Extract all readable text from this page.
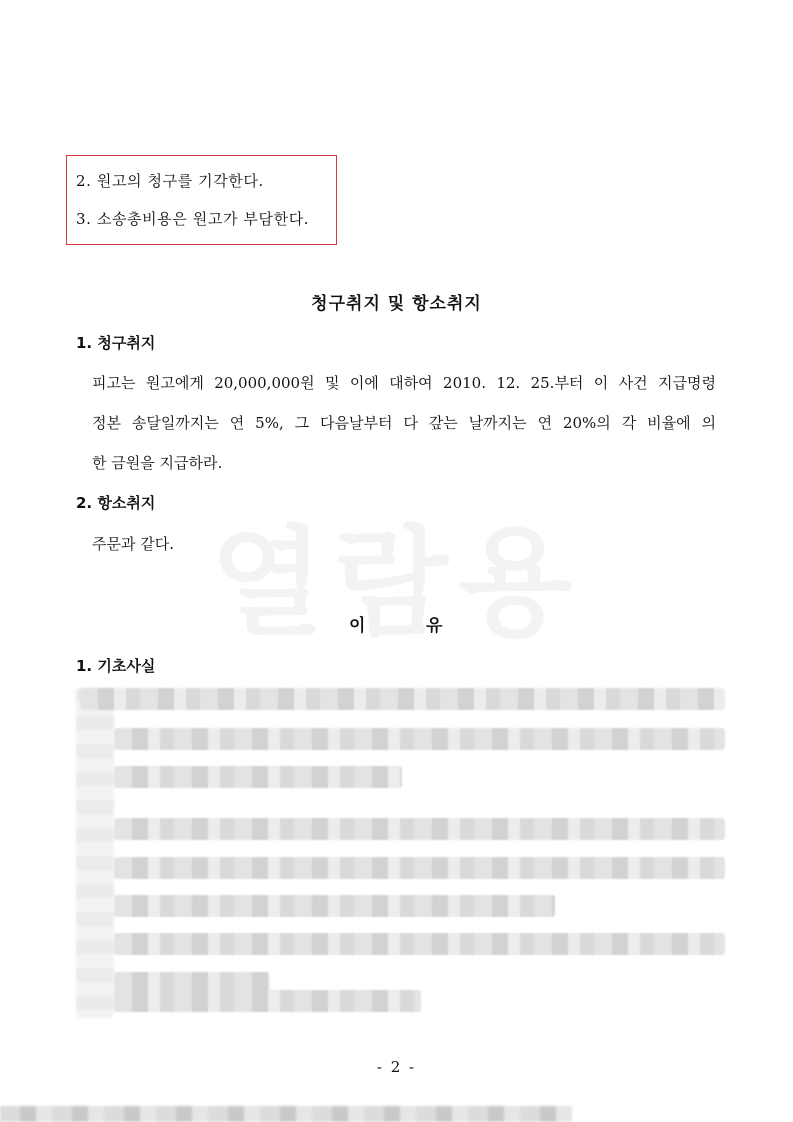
2. 원고의 청구를 기각한다.
3. 소송총비용은 원고가 부담한다.
청구취지 및 항소취지
1. 청구취지
피고는 원고에게 20,000,000원 및 이에 대하여 2010. 12. 25.부터 이 사건 지급명령
정본 송달일까지는 연 5%, 그 다음날부터 다 갚는 날까지는 연 20%의 각 비율에 의
한 금원을 지급하라.
2. 항소취지
주문과 같다.
이	유
1. 기초사실
- 2 -
